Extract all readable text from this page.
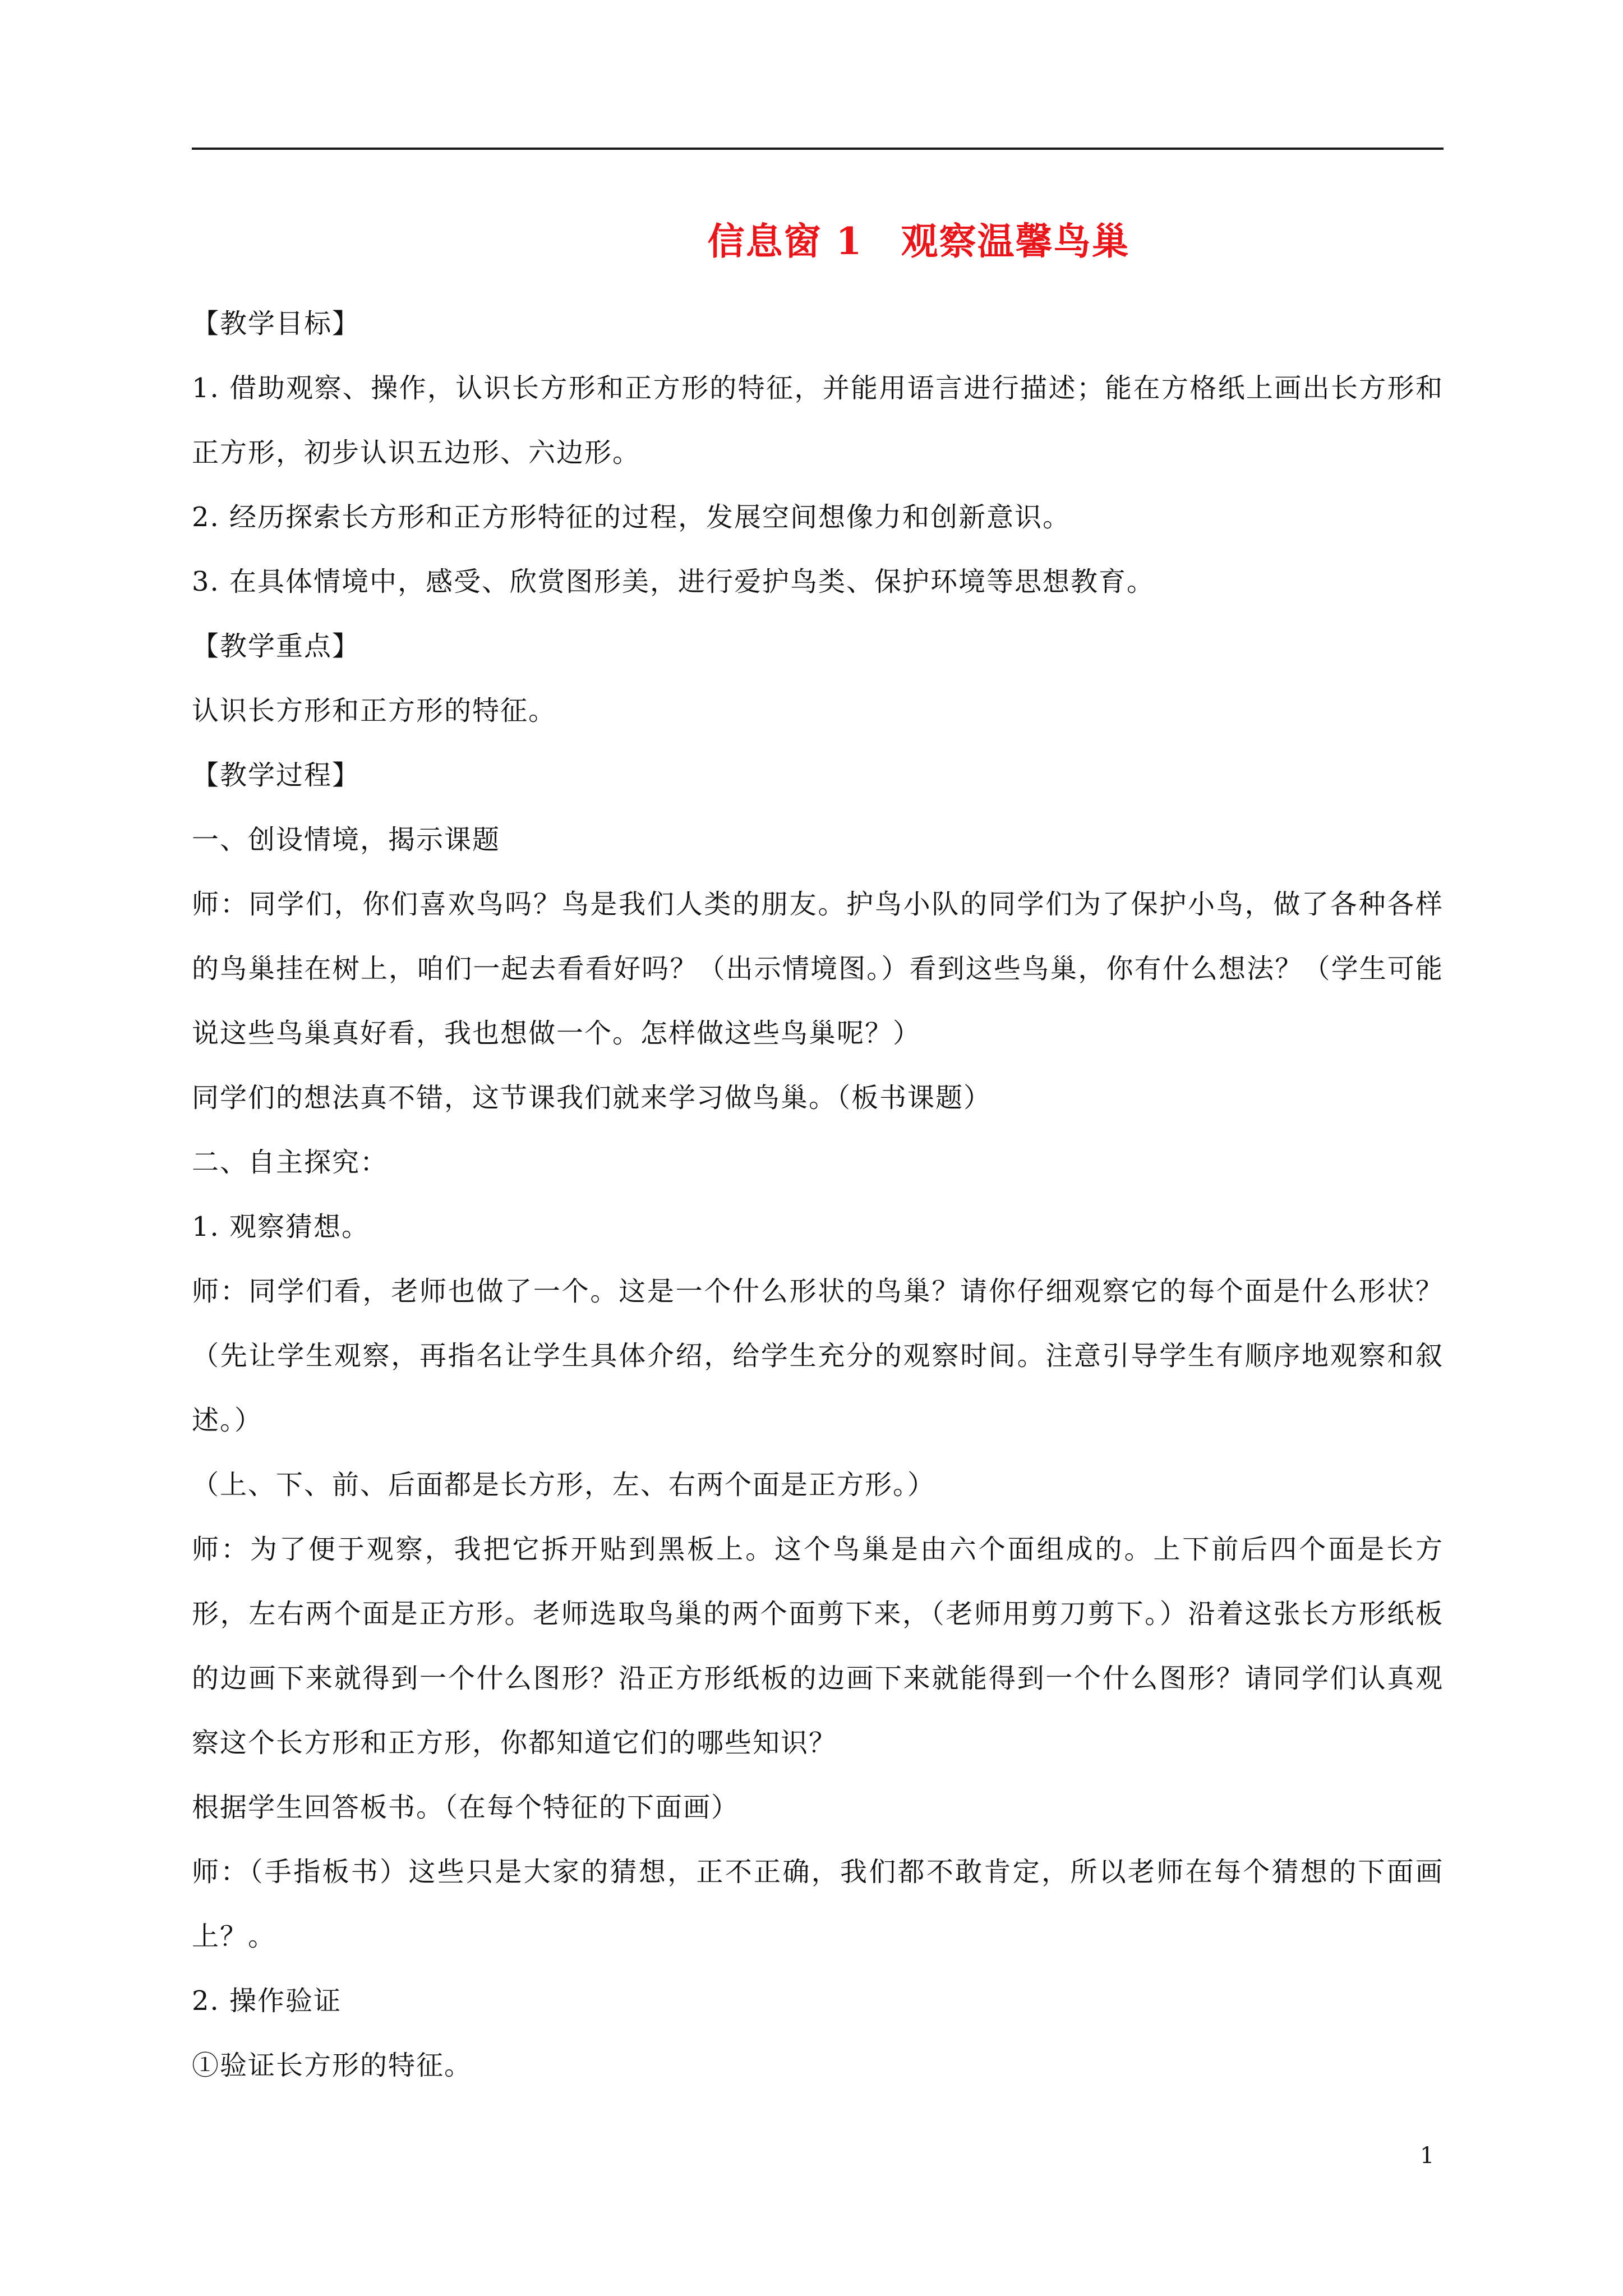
信息窗 1　观察温馨鸟巢

【教学目标】

1. 借助观察、操作，认识长方形和正方形的特征，并能用语言进行描述；能在方格纸上画出长方形和正方形，初步认识五边形、六边形。

2. 经历探索长方形和正方形特征的过程，发展空间想像力和创新意识。

3. 在具体情境中，感受、欣赏图形美，进行爱护鸟类、保护环境等思想教育。

【教学重点】

认识长方形和正方形的特征。

【教学过程】

一、创设情境，揭示课题

师：同学们，你们喜欢鸟吗？鸟是我们人类的朋友。护鸟小队的同学们为了保护小鸟，做了各种各样的鸟巢挂在树上，咱们一起去看看好吗？（出示情境图。）看到这些鸟巢，你有什么想法？（学生可能说这些鸟巢真好看，我也想做一个。怎样做这些鸟巢呢？）

同学们的想法真不错，这节课我们就来学习做鸟巢。（板书课题）

二、自主探究：

1. 观察猜想。

师：同学们看，老师也做了一个。这是一个什么形状的鸟巢？请你仔细观察它的每个面是什么形状？（先让学生观察，再指名让学生具体介绍，给学生充分的观察时间。注意引导学生有顺序地观察和叙述。）

（上、下、前、后面都是长方形，左、右两个面是正方形。）

师：为了便于观察，我把它拆开贴到黑板上。这个鸟巢是由六个面组成的。上下前后四个面是长方形，左右两个面是正方形。老师选取鸟巢的两个面剪下来，（老师用剪刀剪下。）沿着这张长方形纸板的边画下来就得到一个什么图形？沿正方形纸板的边画下来就能得到一个什么图形？请同学们认真观察这个长方形和正方形，你都知道它们的哪些知识？

根据学生回答板书。（在每个特征的下面画）

师：（手指板书）这些只是大家的猜想，正不正确，我们都不敢肯定，所以老师在每个猜想的下面画上？。

2. 操作验证

①验证长方形的特征。

1
